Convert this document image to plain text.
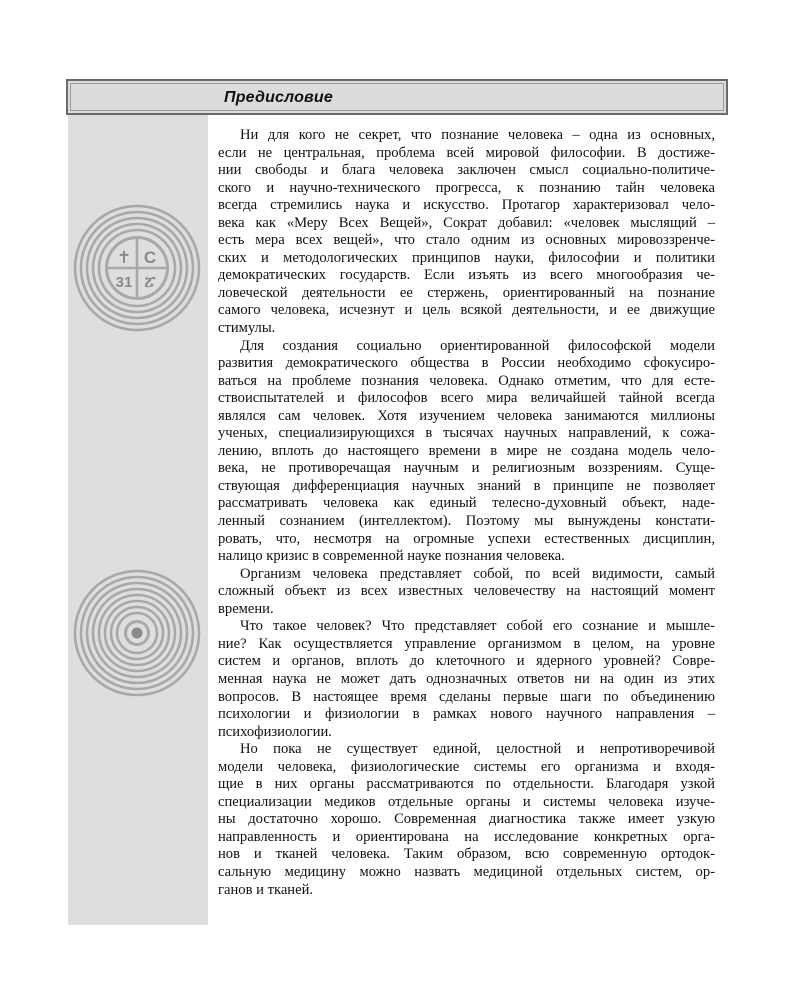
Предисловие
✝ С
31 ፘ
Ни для кого не секрет, что познание человека – одна из основных,
если не центральная, проблема всей мировой философии. В достиже-
нии свободы и блага человека заключен смысл социально-политиче-
ского и научно-технического прогресса, к познанию тайн человека
всегда стремились наука и искусство. Протагор характеризовал чело-
века как «Меру Всех Вещей», Сократ добавил: «человек мыслящий –
есть мера всех вещей», что стало одним из основных мировоззренче-
ских и методологических принципов науки, философии и политики
демократических государств. Если изъять из всего многообразия че-
ловеческой деятельности ее стержень, ориентированный на познание
самого человека, исчезнут и цель всякой деятельности, и ее движущие
стимулы.
Для создания социально ориентированной философской модели
развития демократического общества в России необходимо сфокусиро-
ваться на проблеме познания человека. Однако отметим, что для есте-
ствоиспытателей и философов всего мира величайшей тайной всегда
являлся сам человек. Хотя изучением человека занимаются миллионы
ученых, специализирующихся в тысячах научных направлений, к сожа-
лению, вплоть до настоящего времени в мире не создана модель чело-
века, не противоречащая научным и религиозным воззрениям. Суще-
ствующая дифференциация научных знаний в принципе не позволяет
рассматривать человека как единый телесно-духовный объект, наде-
ленный сознанием (интеллектом). Поэтому мы вынуждены констати-
ровать, что, несмотря на огромные успехи естественных дисциплин,
налицо кризис в современной науке познания человека.
Организм человека представляет собой, по всей видимости, самый
сложный объект из всех известных человечеству на настоящий момент
времени.
Что такое человек? Что представляет собой его сознание и мышле-
ние? Как осуществляется управление организмом в целом, на уровне
систем и органов, вплоть до клеточного и ядерного уровней? Совре-
менная наука не может дать однозначных ответов ни на один из этих
вопросов. В настоящее время сделаны первые шаги по объединению
психологии и физиологии в рамках нового научного направления –
психофизиологии.
Но пока не существует единой, целостной и непротиворечивой
модели человека, физиологические системы его организма и входя-
щие в них органы рассматриваются по отдельности. Благодаря узкой
специализации медиков отдельные органы и системы человека изуче-
ны достаточно хорошо. Современная диагностика также имеет узкую
направленность и ориентирована на исследование конкретных орга-
нов и тканей человека. Таким образом, всю современную ортодок-
сальную медицину можно назвать медициной отдельных систем, ор-
ганов и тканей.
